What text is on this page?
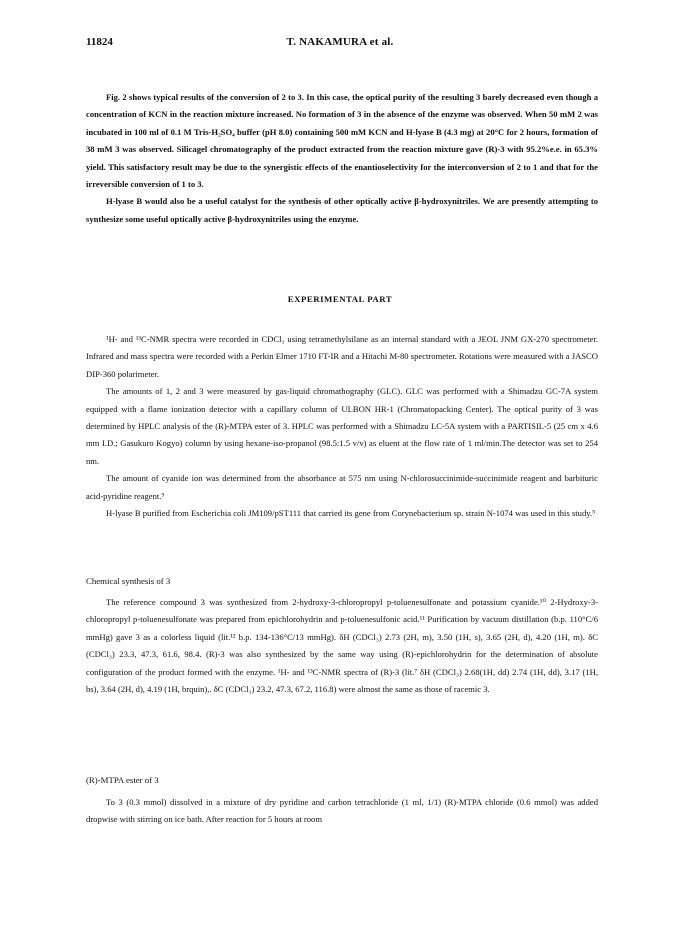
11824	T. NAKAMURA et al.

Fig. 2 shows typical results of the conversion of 2 to 3. In this case, the optical purity of the resulting 3 barely decreased even though a concentration of KCN in the reaction mixture increased. No formation of 3 in the absence of the enzyme was observed. When 50 mM 2 was incubated in 100 ml of 0.1 M Tris-H₂SO₄ buffer (pH 8.0) containing 500 mM KCN and H-lyase B (4.3 mg) at 20°C for 2 hours, formation of 38 mM 3 was observed. Silicagel chromatography of the product extracted from the reaction mixture gave (R)-3 with 95.2%e.e. in 65.3% yield. This satisfactory result may be due to the synergistic effects of the enantioselectivity for the interconversion of 2 to 1 and that for the irreversible conversion of 1 to 3.

H-lyase B would also be a useful catalyst for the synthesis of other optically active β-hydroxynitriles. We are presently attempting to synthesize some useful optically active β-hydroxynitriles using the enzyme.

EXPERIMENTAL PART

¹H- and ¹³C-NMR spectra were recorded in CDCl₃ using tetramethylsilane as an internal standard with a JEOL JNM GX-270 spectrometer. Infrared and mass spectra were recorded with a Perkin Elmer 1710 FT-IR and a Hitachi M-80 spectrometer. Rotations were measured with a JASCO DIP-360 polarimeter.

The amounts of 1, 2 and 3 were measured by gas-liquid chromathography (GLC). GLC was performed with a Shimadzu GC-7A system equipped with a flame ionization detector with a capillary column of ULBON HR-1 (Chromatopacking Center). The optical purity of 3 was determined by HPLC analysis of the (R)-MTPA ester of 3. HPLC was performed with a Shimadzu LC-5A system with a PARTISIL-5 (25 cm x 4.6 mm I.D.; Gasukuro Kogyo) column by using hexane-iso-propanol (98.5:1.5 v/v) as eluent at the flow rate of 1 ml/min.The detector was set to 254 nm.

The amount of cyanide ion was determined from the absorbance at 575 nm using N-chlorosuccinimide-succinimide reagent and barbituric acid-pyridine reagent.⁹

H-lyase B purified from Escherichia coli JM109/pST111 that carried its gene from Corynebacterium sp. strain N-1074 was used in this study.⁵

Chemical synthesis of 3

The reference compound 3 was synthesized from 2-hydroxy-3-chloropropyl p-toluenesulfonate and potassium cyanide.¹⁰ 2-Hydroxy-3-chloropropyl p-toluenesulfonate was prepared from epichlorohydrin and p-toluenesulfonic acid.¹¹ Purification by vacuum distillation (b.p. 110°C/6 mmHg) gave 3 as a colorless liquid (lit.¹² b.p. 134-136°C/13 mmHg). δH (CDCl₃) 2.73 (2H, m), 3.50 (1H, s), 3.65 (2H, d), 4.20 (1H, m). δC (CDCl₃) 23.3, 47.3, 61.6, 98.4. (R)-3 was also synthesized by the same way using (R)-epichlorohydrin for the determination of absolute configuration of the product formed with the enzyme. ¹H- and ¹³C-NMR spectra of (R)-3 (lit.⁷ δH (CDCl₃) 2.68(1H, dd) 2.74 (1H, dd), 3.17 (1H, bs), 3.64 (2H, d), 4.19 (1H, brquin),. δC (CDCl₃) 23.2, 47.3, 67.2, 116.8) were almost the same as those of racemic 3.

(R)-MTPA ester of 3

To 3 (0.3 mmol) dissolved in a mixture of dry pyridine and carbon tetrachloride (1 ml, 1/1) (R)-MTPA chloride (0.6 mmol) was added dropwise with stirring on ice bath. After reaction for 5 hours at room
